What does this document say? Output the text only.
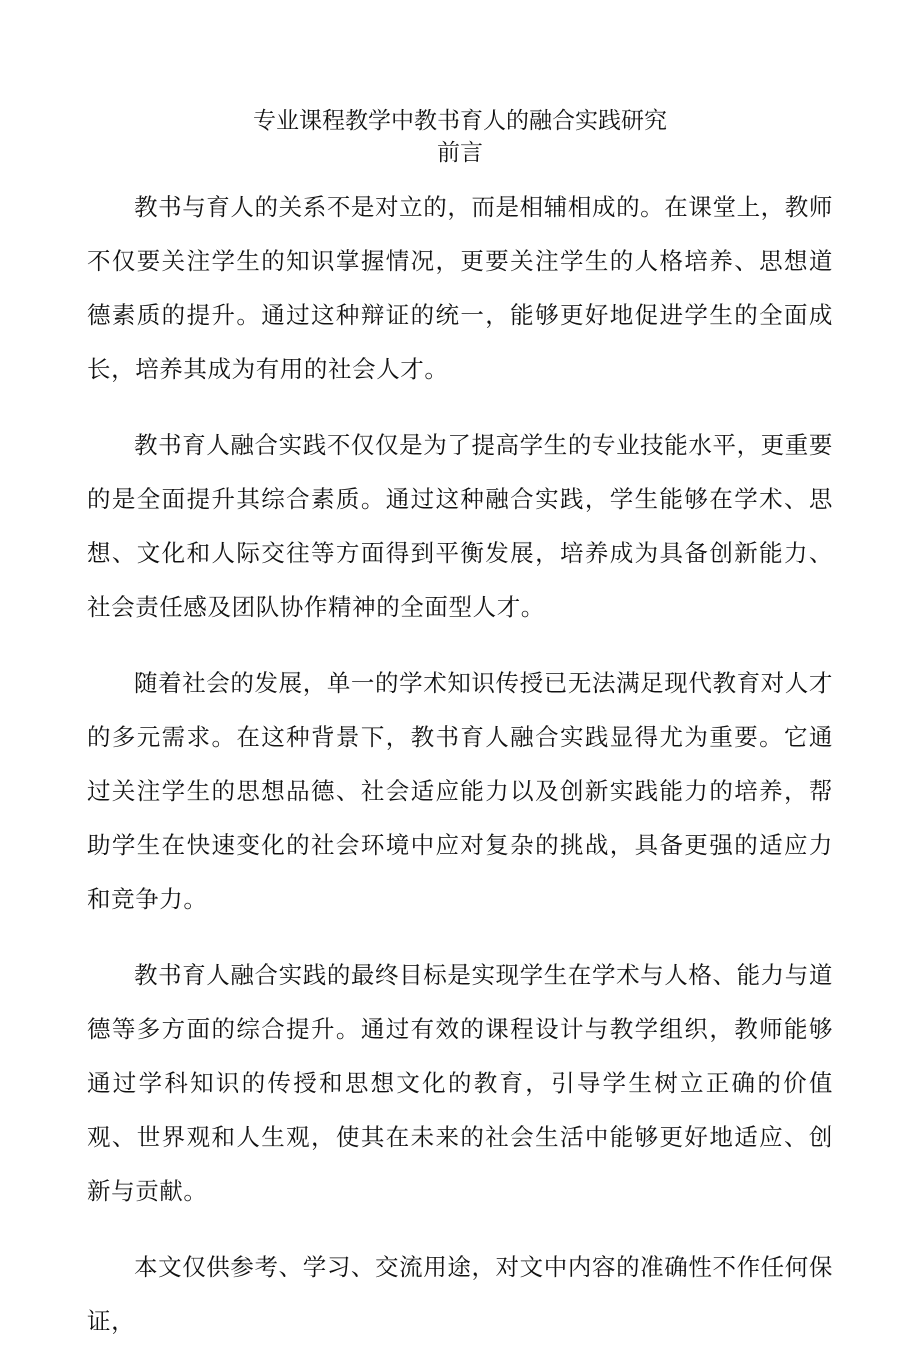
专业课程教学中教书育人的融合实践研究
前言

教书与育人的关系不是对立的，而是相辅相成的。在课堂上，教师不仅要关注学生的知识掌握情况，更要关注学生的人格培养、思想道德素质的提升。通过这种辩证的统一，能够更好地促进学生的全面成长，培养其成为有用的社会人才。

教书育人融合实践不仅仅是为了提高学生的专业技能水平，更重要的是全面提升其综合素质。通过这种融合实践，学生能够在学术、思想、文化和人际交往等方面得到平衡发展，培养成为具备创新能力、社会责任感及团队协作精神的全面型人才。

随着社会的发展，单一的学术知识传授已无法满足现代教育对人才的多元需求。在这种背景下，教书育人融合实践显得尤为重要。它通过关注学生的思想品德、社会适应能力以及创新实践能力的培养，帮助学生在快速变化的社会环境中应对复杂的挑战，具备更强的适应力和竞争力。

教书育人融合实践的最终目标是实现学生在学术与人格、能力与道德等多方面的综合提升。通过有效的课程设计与教学组织，教师能够通过学科知识的传授和思想文化的教育，引导学生树立正确的价值观、世界观和人生观，使其在未来的社会生活中能够更好地适应、创新与贡献。

本文仅供参考、学习、交流用途，对文中内容的准确性不作任何保证，
